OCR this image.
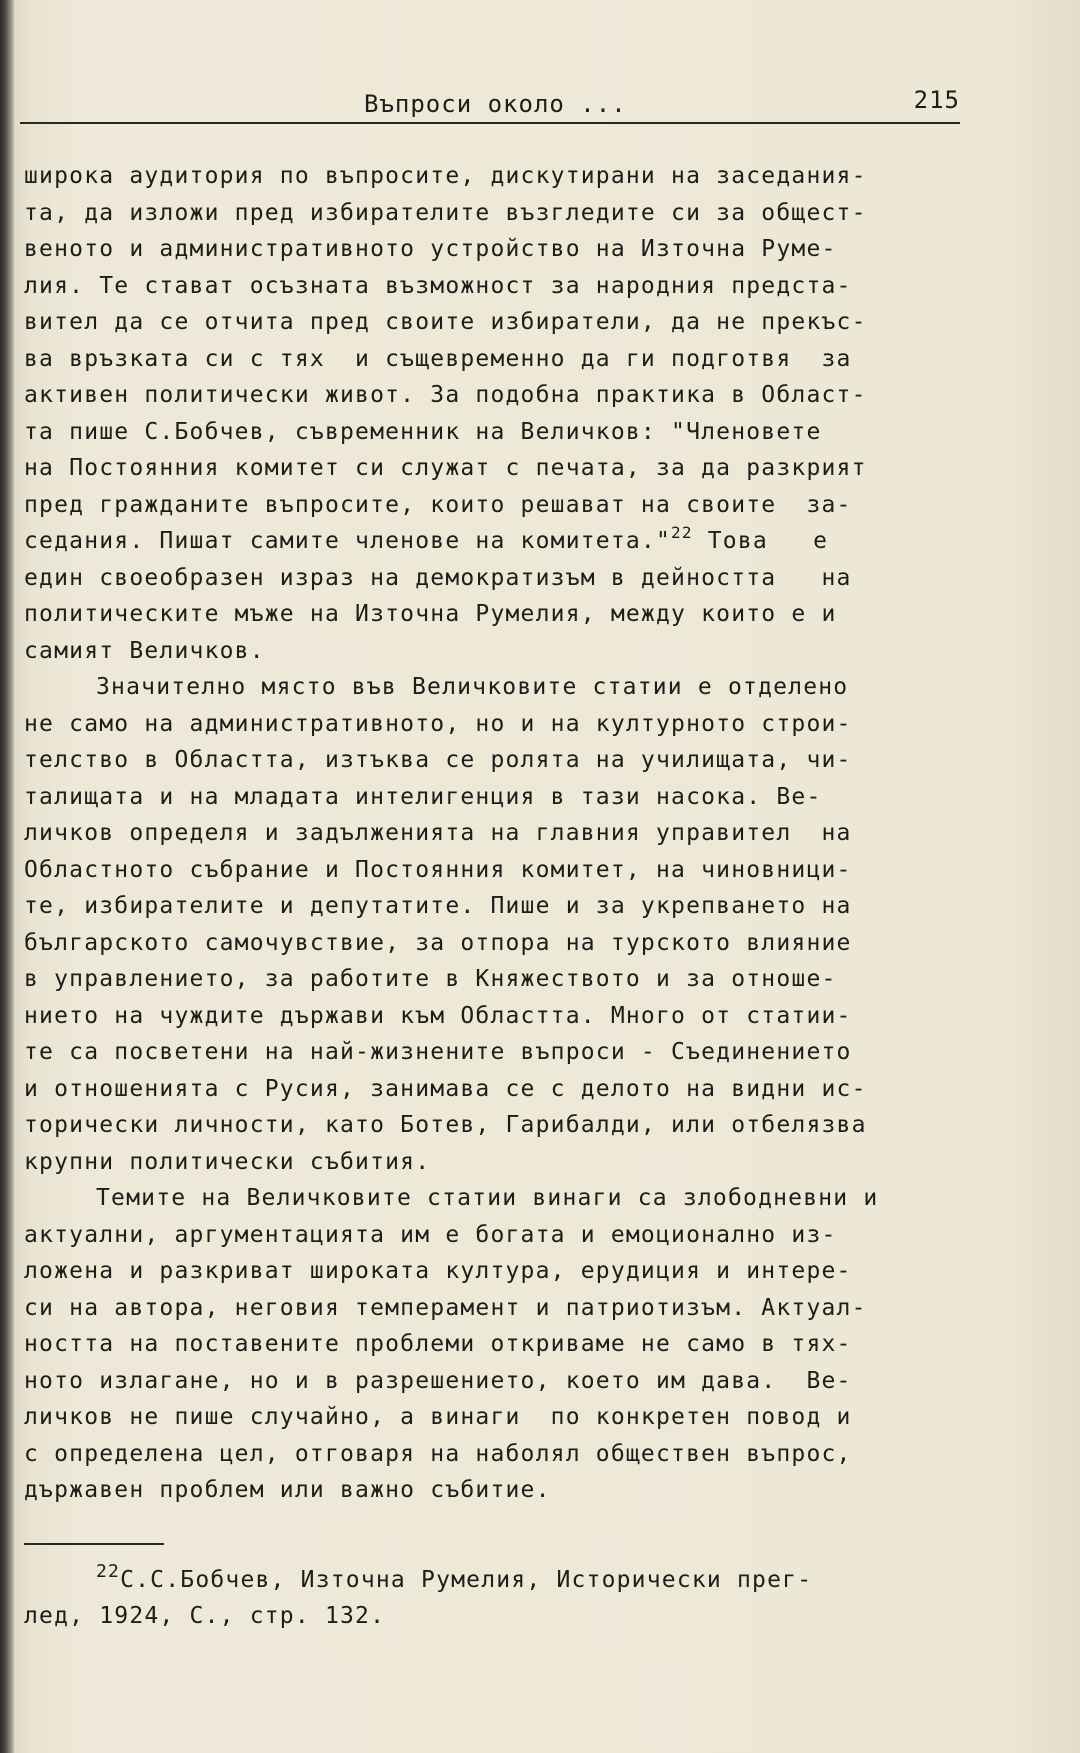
Въпроси около ...	215
широка аудитория по въпросите, дискутирани на заседания-
та, да изложи пред избирателите възгледите си за общест-
веното и административното устройство на Източна Руме-
лия. Те стават осъзната възможност за народния предста-
вител да се отчита пред своите избиратели, да не прекъс-
ва връзката си с тях  и същевременно да ги подготвя  за
активен политически живот. За подобна практика в Област-
та пише С.Бобчев, съвременник на Величков: "Членовете
на Постоянния комитет си служат с печата, за да разкрият
пред гражданите въпросите, които решават на своите  за-
седания. Пишат самите членове на комитета."$^{22}$ Това   е
един своеобразен израз на демократизъм в дейността   на
политическите мъже на Източна Румелия, между които е и
самият Величков.
Значително място във Величковите статии е отделено
не само на административното, но и на културното строи-
телство в Областта, изтъква се ролята на училищата, чи-
талищата и на младата интелигенция в тази насока. Ве-
личков определя и задълженията на главния управител  на
Областното събрание и Постоянния комитет, на чиновници-
те, избирателите и депутатите. Пише и за укрепването на
българското самочувствие, за отпора на турското влияние
в управлението, за работите в Княжеството и за отноше-
нието на чуждите държави към Областта. Много от статии-
те са посветени на най-жизнените въпроси - Съединението
и отношенията с Русия, занимава се с делото на видни ис-
торически личности, като Ботев, Гарибалди, или отбелязва
крупни политически събития.
Темите на Величковите статии винаги са злободневни и
актуални, аргументацията им е богата и емоционално из-
ложена и разкриват широката култура, ерудиция и интере-
си на автора, неговия темперамент и патриотизъм. Актуал-
ността на поставените проблеми откриваме не само в тях-
ното излагане, но и в разрешението, което им дава.  Ве-
личков не пише случайно, а винаги  по конкретен повод и
с определена цел, отговаря на наболял обществен въпрос,
държавен проблем или важно събитие.
$^{22}$С.С.Бобчев, Източна Румелия, Исторически прег-
лед, 1924, С., стр. 132.
